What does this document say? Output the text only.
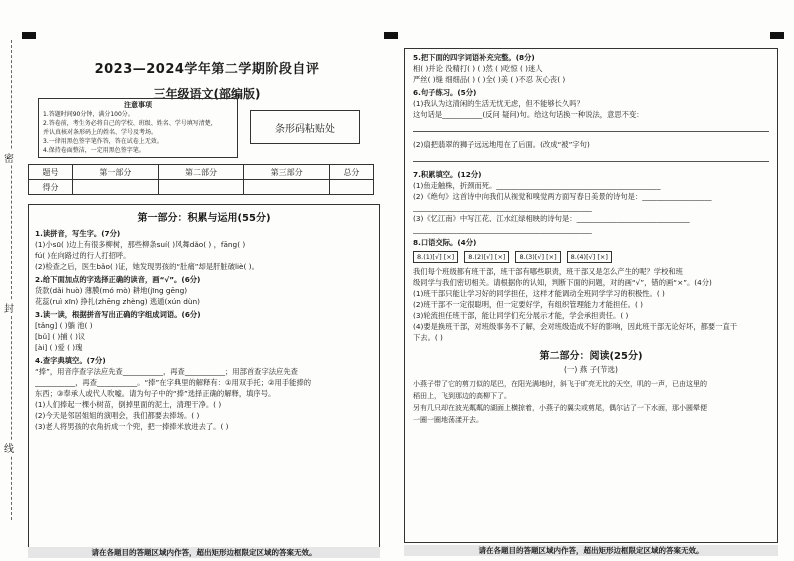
密
封
线
2023—2024学年第二学期阶段自评
三年级语文(部编版)
注意事项
1.答题时间90分钟，满分100分。
2.答卷前，考生务必将自己的学校、班级、姓名、学号填写清楚，
并认真核对条形码上的姓名、学号及考场。
3.一律用黑色签字笔作答，答在试卷上无效。
4.保持卷面整洁，一定用黑色签字笔。
条形码粘贴处
题号	第一部分	第二部分	第三部分	总分
得分				
第一部分：积累与运用(55分)
1.读拼音，写生字。(7分)
(1)小sū( )边上有很多柳树，那些柳条suí( )风舞dǎo( ) ，fāng( )
fú( )在向路过的行人打招呼。
(2)检查之后，医生bǎo( )证，她发现男孩的“肚痛”却是肝脏破liè( )。
2.给下面加点的字选择正确的读音，画“√”。(6分)
货款(dǎi huò) 薄膜(mó mò) 耕地(jīng gēng)
花蕊(ruì xīn) 挣扎(zhēng zhèng) 逃遁(xún dùn)
3.读一读，根据拼音写出正确的字组成词语。(6分)
[tǎng] ( )躺 池( )
[bǔ] ( )捕 ( )议
[ài] ( )爱 ( )瑰
4.查字典填空。(7分)
“捧”，用音序查字法应先查___________，再查___________；用部首查字法应先查
___________，再查___________。“捧”在字典里的解释有：①用双手托；②用手能捧的
东西；③奉承人或代人吹嘘。请为句子中的“捧”选择正确的解释，填序号。
(1)人们捧起一棵小树苗，倒掉里面的泥土，清理干净。( )
(2)今天是邻居姐姐的演唱会，我们都要去捧场。( )
(3)老人将男孩的衣角折成一个兜，把一捧捧米放进去了。( )
请在各题目的答题区域内作答，超出矩形边框限定区域的答案无效。
5.把下面的四字词语补充完整。(8分)
相( )并论 没精打( ) ( )然 ( )吃惊 ( )迷人
严丝( )缝 细细品( ) ( )全( )美 ( )不忍 灰心丧( )
6.句子练习。(5分)
(1)我认为这清闲的生活无忧无虑，但不能够长久吗？
这句话是___________(反问 疑问)句。给这句话换一种说法，意思不变：
(2)扇把翡翠的狮子远远地甩在了后面。(改成“被”字句)
7.积累填空。(12分)
(1)鱼走触株，折颈而死。_____________________________________________
(2)《绝句》这首诗中向我们从视觉和嗅觉两方面写春日美景的诗句是：___________________
_________________________________________________
(3)《忆江南》中写江花、江水红绿相映的诗句是：_______________________________
_________________________________________________
8.口语交际。(4分)
8.(1)[√] [×]	8.(2)[√] [×]	8.(3)[√] [×]	8.(4)[√] [×]
我们每个班级都有班干部，班干部有哪些职责，班干部又是怎么产生的呢？学校和班
级同学与我们密切相关。请根据你的认知，判断下面的问题，对的画“√”，错的画“×”。(4分)
(1)班干部只能让学习好的同学担任，这样才能调动全班同学学习的积极性。( )
(2)班干部不一定很聪明，但一定要好学，有组织管理能力才能担任。( )
(3)轮流担任班干部，能让同学们充分展示才能，学会承担责任。( )
(4)要是换班干部，对班级事务不了解，会对班级造成不好的影响，因此班干部无论好坏，都要一直干
下去。( )
第二部分：阅读(25分)
(一) 燕 子(节选)
小燕子带了它的剪刀似的尾巴，在阳光满地时，斜飞于旷亮无比的天空，叽的一声，已由这里的
稻田上，飞到那边的高柳下了。
另有几只却在波光粼粼的湖面上横掠着，小燕子的翼尖或剪尾，偶尔沾了一下水面，那小圆晕便
一圈一圈地荡漾开去。
请在各题目的答题区域内作答，超出矩形边框限定区域的答案无效。
